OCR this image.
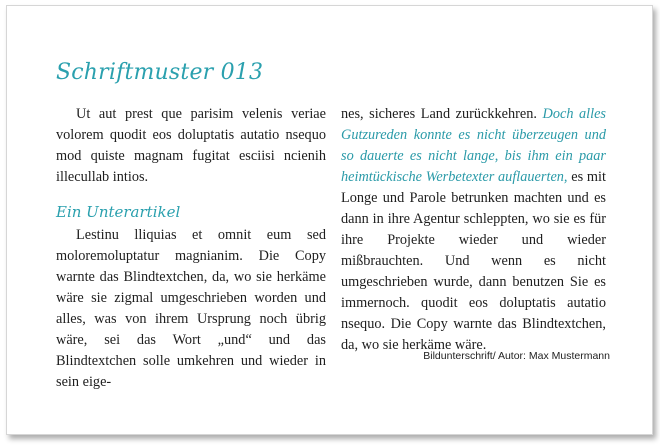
Schriftmuster 013

Ut aut prest que parisim velenis veriae volorem quodit eos doluptatis autatio nsequo mod quiste magnam fugitat esciisi ncienih illecullab intios.

Ein Unterartikel

Lestinu lliquias et omnit eum sed moloremoluptatur magnianim. Die Copy warnte das Blindtextchen, da, wo sie herkäme wäre sie zigmal umgeschrieben worden und alles, was von ihrem Ursprung noch übrig wäre, sei das Wort „und“ und das Blindtextchen solle umkehren und wieder in sein eige-

nes, sicheres Land zurückkehren. Doch alles Gutzureden konnte es nicht überzeugen und so dauerte es nicht lange, bis ihm ein paar heimtückische Werbetexter auflauerten, es mit Longe und Parole betrunken machten und es dann in ihre Agentur schleppten, wo sie es für ihre Projekte wieder und wieder mißbrauchten. Und wenn es nicht umgeschrieben wurde, dann benutzen Sie es immernoch. quodit eos doluptatis autatio nsequo. Die Copy warnte das Blindtextchen, da, wo sie herkäme wäre.

Bildunterschrift/ Autor: Max Mustermann
